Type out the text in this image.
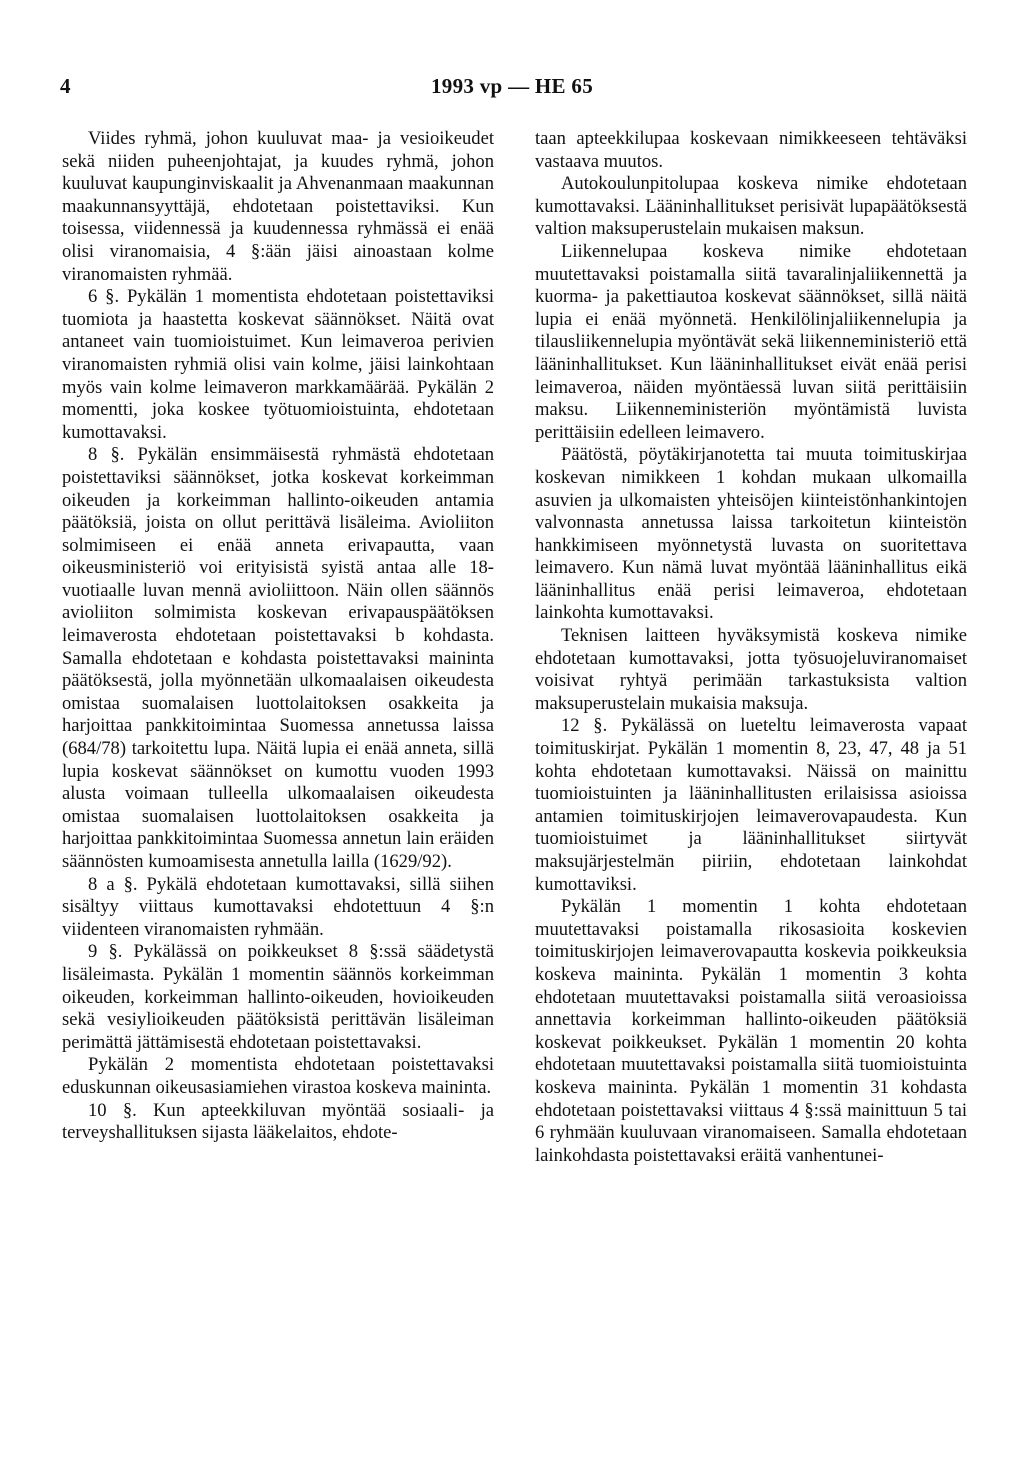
4	1993 vp — HE 65

Viides ryhmä, johon kuuluvat maa- ja vesioikeudet sekä niiden puheenjohtajat, ja kuudes ryhmä, johon kuuluvat kaupunginviskaalit ja Ahvenanmaan maakunnan maakunnansyyttäjä, ehdotetaan poistettaviksi. Kun toisessa, viidennessä ja kuudennessa ryhmässä ei enää olisi viranomaisia, 4 §:ään jäisi ainoastaan kolme viranomaisten ryhmää.

6 §. Pykälän 1 momentista ehdotetaan poistettaviksi tuomiota ja haastetta koskevat säännökset. Näitä ovat antaneet vain tuomioistuimet. Kun leimaveroa perivien viranomaisten ryhmiä olisi vain kolme, jäisi lainkohtaan myös vain kolme leimaveron markkamäärää. Pykälän 2 momentti, joka koskee työtuomioistuinta, ehdotetaan kumottavaksi.

8 §. Pykälän ensimmäisestä ryhmästä ehdotetaan poistettaviksi säännökset, jotka koskevat korkeimman oikeuden ja korkeimman hallinto-oikeuden antamia päätöksiä, joista on ollut perittävä lisäleima. Avioliiton solmimiseen ei enää anneta erivapautta, vaan oikeusministeriö voi erityisistä syistä antaa alle 18-vuotiaalle luvan mennä avioliittoon. Näin ollen säännös avioliiton solmimista koskevan erivapauspäätöksen leimaverosta ehdotetaan poistettavaksi b kohdasta. Samalla ehdotetaan e kohdasta poistettavaksi maininta päätöksestä, jolla myönnetään ulkomaalaisen oikeudesta omistaa suomalaisen luottolaitoksen osakkeita ja harjoittaa pankkitoimintaa Suomessa annetussa laissa (684/78) tarkoitettu lupa. Näitä lupia ei enää anneta, sillä lupia koskevat säännökset on kumottu vuoden 1993 alusta voimaan tulleella ulkomaalaisen oikeudesta omistaa suomalaisen luottolaitoksen osakkeita ja harjoittaa pankkitoimintaa Suomessa annetun lain eräiden säännösten kumoamisesta annetulla lailla (1629/92).

8 a §. Pykälä ehdotetaan kumottavaksi, sillä siihen sisältyy viittaus kumottavaksi ehdotettuun 4 §:n viidenteen viranomaisten ryhmään.

9 §. Pykälässä on poikkeukset 8 §:ssä säädetystä lisäleimasta. Pykälän 1 momentin säännös korkeimman oikeuden, korkeimman hallinto-oikeuden, hovioikeuden sekä vesiylioikeuden päätöksistä perittävän lisäleiman perimättä jättämisestä ehdotetaan poistettavaksi.

Pykälän 2 momentista ehdotetaan poistettavaksi eduskunnan oikeusasiamiehen virastoa koskeva maininta.

10 §. Kun apteekkiluvan myöntää sosiaali- ja terveyshallituksen sijasta lääkelaitos, ehdote-

taan apteekkilupaa koskevaan nimikkeeseen tehtäväksi vastaava muutos.

Autokoulunpitolupaa koskeva nimike ehdotetaan kumottavaksi. Lääninhallitukset perisivät lupapäätöksestä valtion maksuperustelain mukaisen maksun.

Liikennelupaa koskeva nimike ehdotetaan muutettavaksi poistamalla siitä tavaralinjaliikennettä ja kuorma- ja pakettiautoa koskevat säännökset, sillä näitä lupia ei enää myönnetä. Henkilölinjaliikennelupia ja tilausliikennelupia myöntävät sekä liikenneministeriö että lääninhallitukset. Kun lääninhallitukset eivät enää perisi leimaveroa, näiden myöntäessä luvan siitä perittäisiin maksu. Liikenneministeriön myöntämistä luvista perittäisiin edelleen leimavero.

Päätöstä, pöytäkirjanotetta tai muuta toimituskirjaa koskevan nimikkeen 1 kohdan mukaan ulkomailla asuvien ja ulkomaisten yhteisöjen kiinteistönhankintojen valvonnasta annetussa laissa tarkoitetun kiinteistön hankkimiseen myönnetystä luvasta on suoritettava leimavero. Kun nämä luvat myöntää lääninhallitus eikä lääninhallitus enää perisi leimaveroa, ehdotetaan lainkohta kumottavaksi.

Teknisen laitteen hyväksymistä koskeva nimike ehdotetaan kumottavaksi, jotta työsuojeluviranomaiset voisivat ryhtyä perimään tarkastuksista valtion maksuperustelain mukaisia maksuja.

12 §. Pykälässä on lueteltu leimaverosta vapaat toimituskirjat. Pykälän 1 momentin 8, 23, 47, 48 ja 51 kohta ehdotetaan kumottavaksi. Näissä on mainittu tuomioistuinten ja lääninhallitusten erilaisissa asioissa antamien toimituskirjojen leimaverovapaudesta. Kun tuomioistuimet ja lääninhallitukset siirtyvät maksujärjestelmän piiriin, ehdotetaan lainkohdat kumottaviksi.

Pykälän 1 momentin 1 kohta ehdotetaan muutettavaksi poistamalla rikosasioita koskevien toimituskirjojen leimaverovapautta koskevia poikkeuksia koskeva maininta. Pykälän 1 momentin 3 kohta ehdotetaan muutettavaksi poistamalla siitä veroasioissa annettavia korkeimman hallinto-oikeuden päätöksiä koskevat poikkeukset. Pykälän 1 momentin 20 kohta ehdotetaan muutettavaksi poistamalla siitä tuomioistuinta koskeva maininta. Pykälän 1 momentin 31 kohdasta ehdotetaan poistettavaksi viittaus 4 §:ssä mainittuun 5 tai 6 ryhmään kuuluvaan viranomaiseen. Samalla ehdotetaan lainkohdasta poistettavaksi eräitä vanhentunei-
